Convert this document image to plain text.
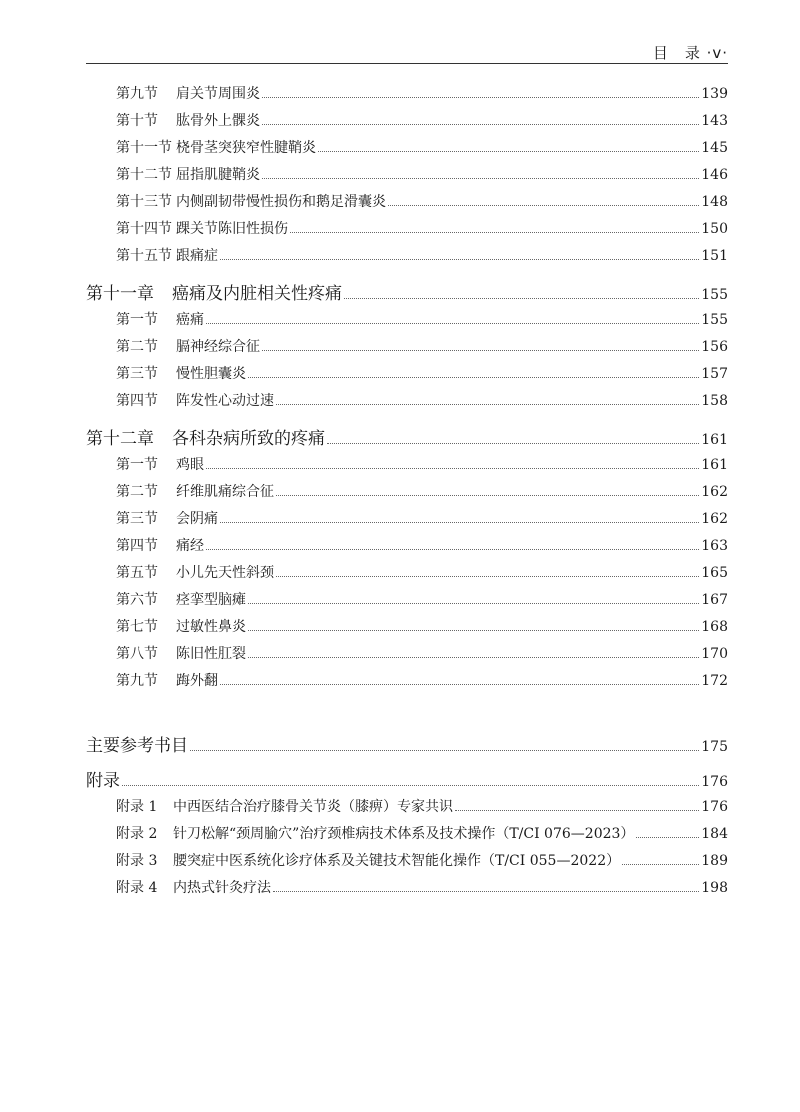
目　录 ·v·
第九节	肩关节周围炎	139
第十节	肱骨外上髁炎	143
第十一节 桡骨茎突狭窄性腱鞘炎	145
第十二节 屈指肌腱鞘炎	146
第十三节 内侧副韧带慢性损伤和鹅足滑囊炎	148
第十四节 踝关节陈旧性损伤	150
第十五节 跟痛症	151
第十一章 癌痛及内脏相关性疼痛	155
第一节	癌痛	155
第二节	膈神经综合征	156
第三节	慢性胆囊炎	157
第四节	阵发性心动过速	158
第十二章 各科杂病所致的疼痛	161
第一节	鸡眼	161
第二节	纤维肌痛综合征	162
第三节	会阴痛	162
第四节	痛经	163
第五节	小儿先天性斜颈	165
第六节	痉挛型脑瘫	167
第七节	过敏性鼻炎	168
第八节	陈旧性肛裂	170
第九节	踇外翻	172
主要参考书目	175
附录	176
附录 1	中西医结合治疗膝骨关节炎（膝痹）专家共识	176
附录 2	针刀松解“颈周腧穴”治疗颈椎病技术体系及技术操作（T/CI 076—2023）	184
附录 3	腰突症中医系统化诊疗体系及关键技术智能化操作（T/CI 055—2022）	189
附录 4	内热式针灸疗法	198
